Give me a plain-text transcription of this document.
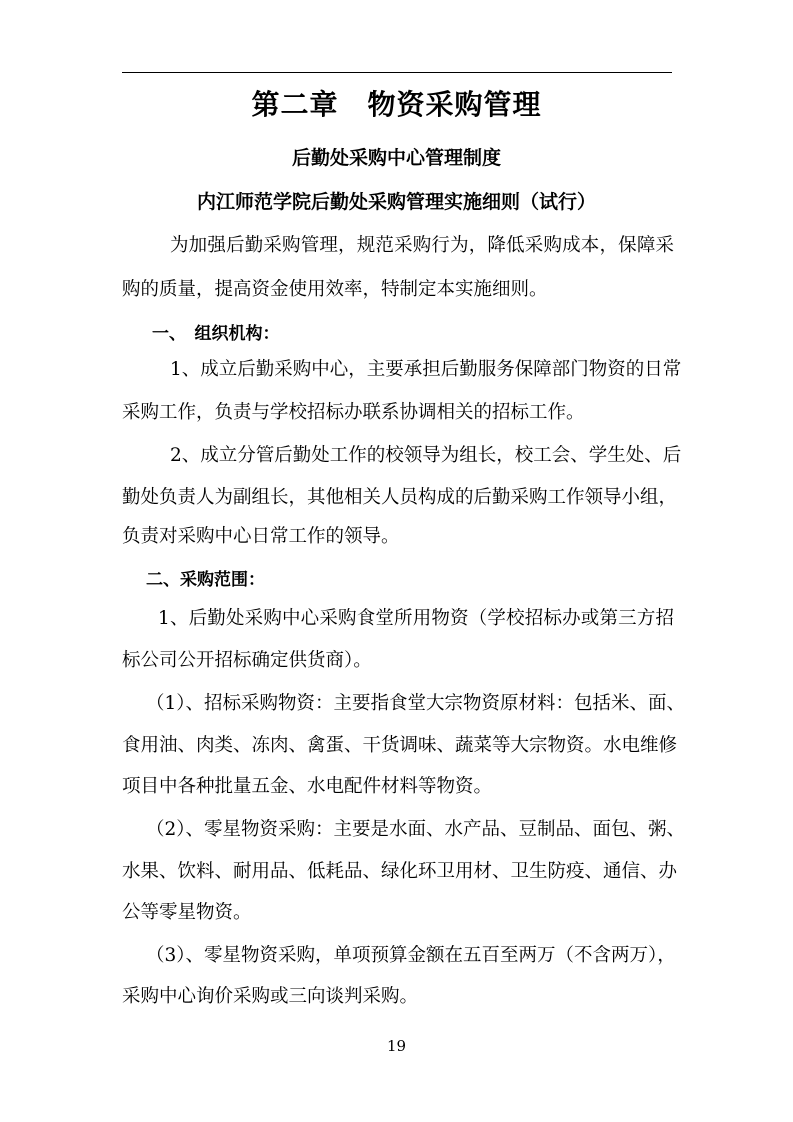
第二章　物资采购管理
后勤处采购中心管理制度
内江师范学院后勤处采购管理实施细则（试行）
为加强后勤采购管理，规范采购行为，降低采购成本，保障采
购的质量，提高资金使用效率，特制定本实施细则。
一、　组织机构：
1、成立后勤采购中心，主要承担后勤服务保障部门物资的日常
采购工作，负责与学校招标办联系协调相关的招标工作。
2、成立分管后勤处工作的校领导为组长，校工会、学生处、后
勤处负责人为副组长，其他相关人员构成的后勤采购工作领导小组，
负责对采购中心日常工作的领导。
二、采购范围：
1、后勤处采购中心采购食堂所用物资（学校招标办或第三方招
标公司公开招标确定供货商）。
（1）、招标采购物资：主要指食堂大宗物资原材料：包括米、面、
食用油、肉类、冻肉、禽蛋、干货调味、蔬菜等大宗物资。水电维修
项目中各种批量五金、水电配件材料等物资。
（2）、零星物资采购：主要是水面、水产品、豆制品、面包、粥、
水果、饮料、耐用品、低耗品、绿化环卫用材、卫生防疫、通信、办
公等零星物资。
（3）、零星物资采购，单项预算金额在五百至两万（不含两万），
采购中心询价采购或三向谈判采购。
19
